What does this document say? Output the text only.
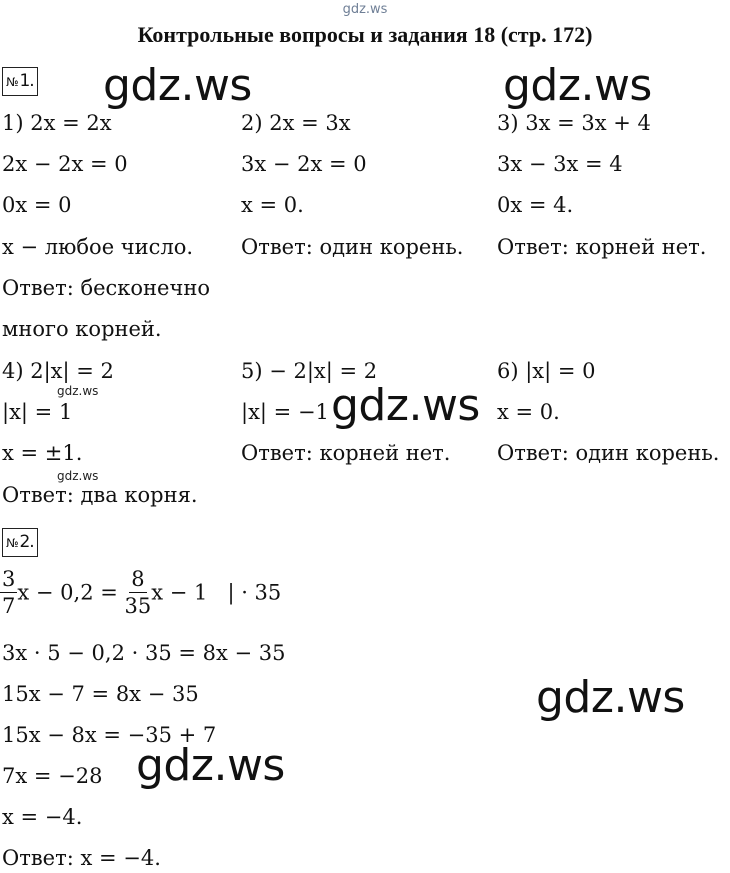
gdz.ws
Контрольные вопросы и задания 18 (стр. 172)
№ 1.
1) 2x = 2x
2x − 2x = 0
0x = 0
x − любое число.
Ответ: бесконечно
много корней.
2) 2x = 3x
3x − 2x = 0
x = 0.
Ответ: один корень.
3) 3x = 3x + 4
3x − 3x = 4
0x = 4.
Ответ: корней нет.
4) 2|x| = 2
|x| = 1
x = ±1.
Ответ: два корня.
5) − 2|x| = 2
|x| = −1
Ответ: корней нет.
6) |x| = 0
x = 0.
Ответ: один корень.
№ 2.
$\frac{3}{7}$ $x - 0,2 = \frac{8}{35}$ x − 1   | · 35
3x · 5 − 0,2 · 35 = 8x − 35
15x − 7 = 8x − 35
15x − 8x = −35 + 7
7x = −28
x = −4.
Ответ: x = −4.
gdz.ws	gdz.ws
gdz.ws
gdz.ws
gdz.ws
gdz.ws
gdz.ws
